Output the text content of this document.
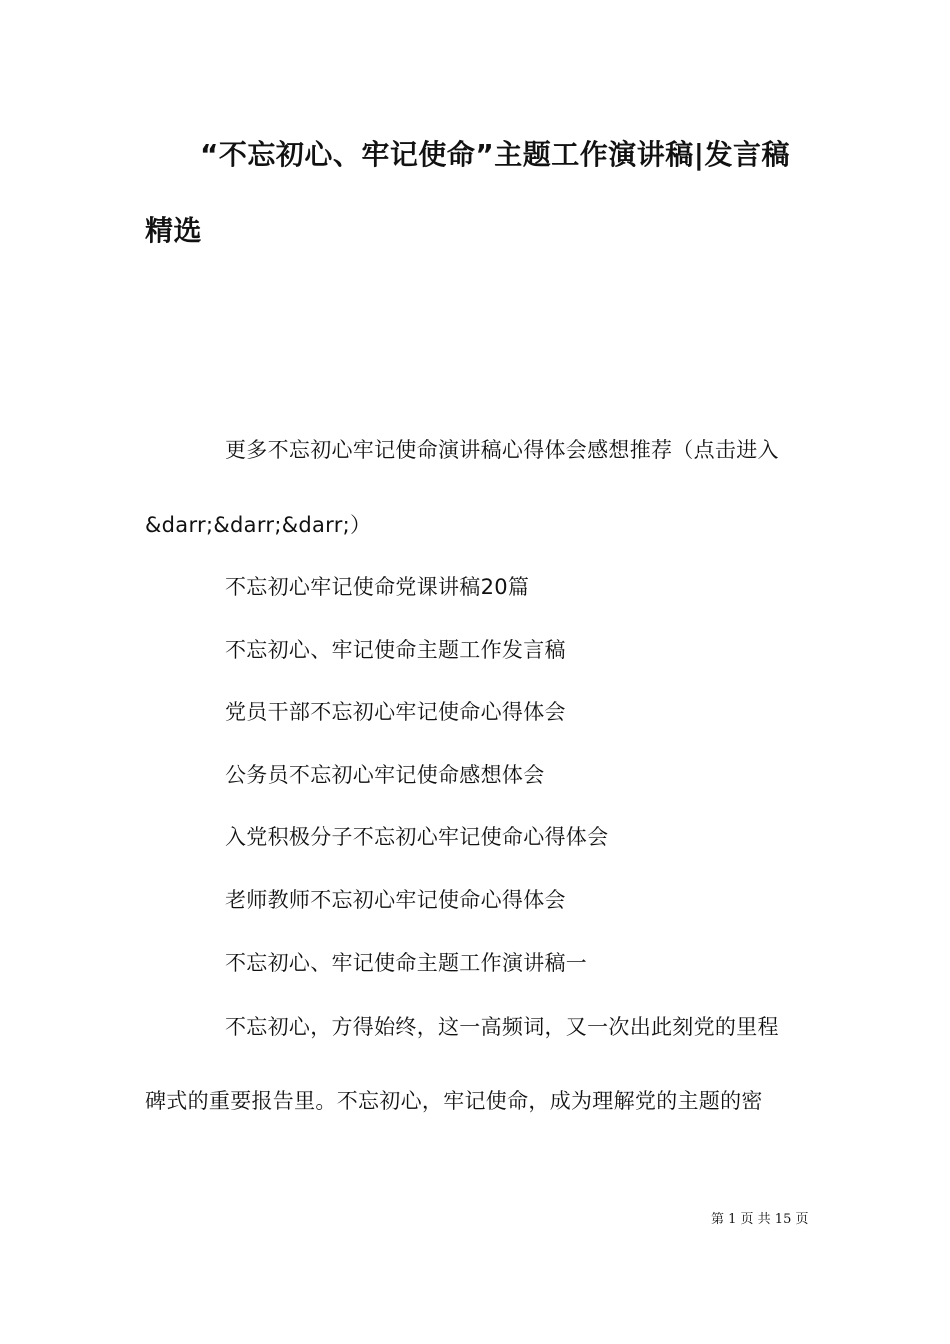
“不忘初心、牢记使命”主题工作演讲稿|发言稿
精选
更多不忘初心牢记使命演讲稿心得体会感想推荐（点击进入
&darr;&darr;&darr;）
不忘初心牢记使命党课讲稿20篇
不忘初心、牢记使命主题工作发言稿
党员干部不忘初心牢记使命心得体会
公务员不忘初心牢记使命感想体会
入党积极分子不忘初心牢记使命心得体会
老师教师不忘初心牢记使命心得体会
不忘初心、牢记使命主题工作演讲稿一
不忘初心，方得始终，这一高频词，又一次出此刻党的里程
碑式的重要报告里。不忘初心，牢记使命，成为理解党的主题的密
第 1 页 共 15 页
